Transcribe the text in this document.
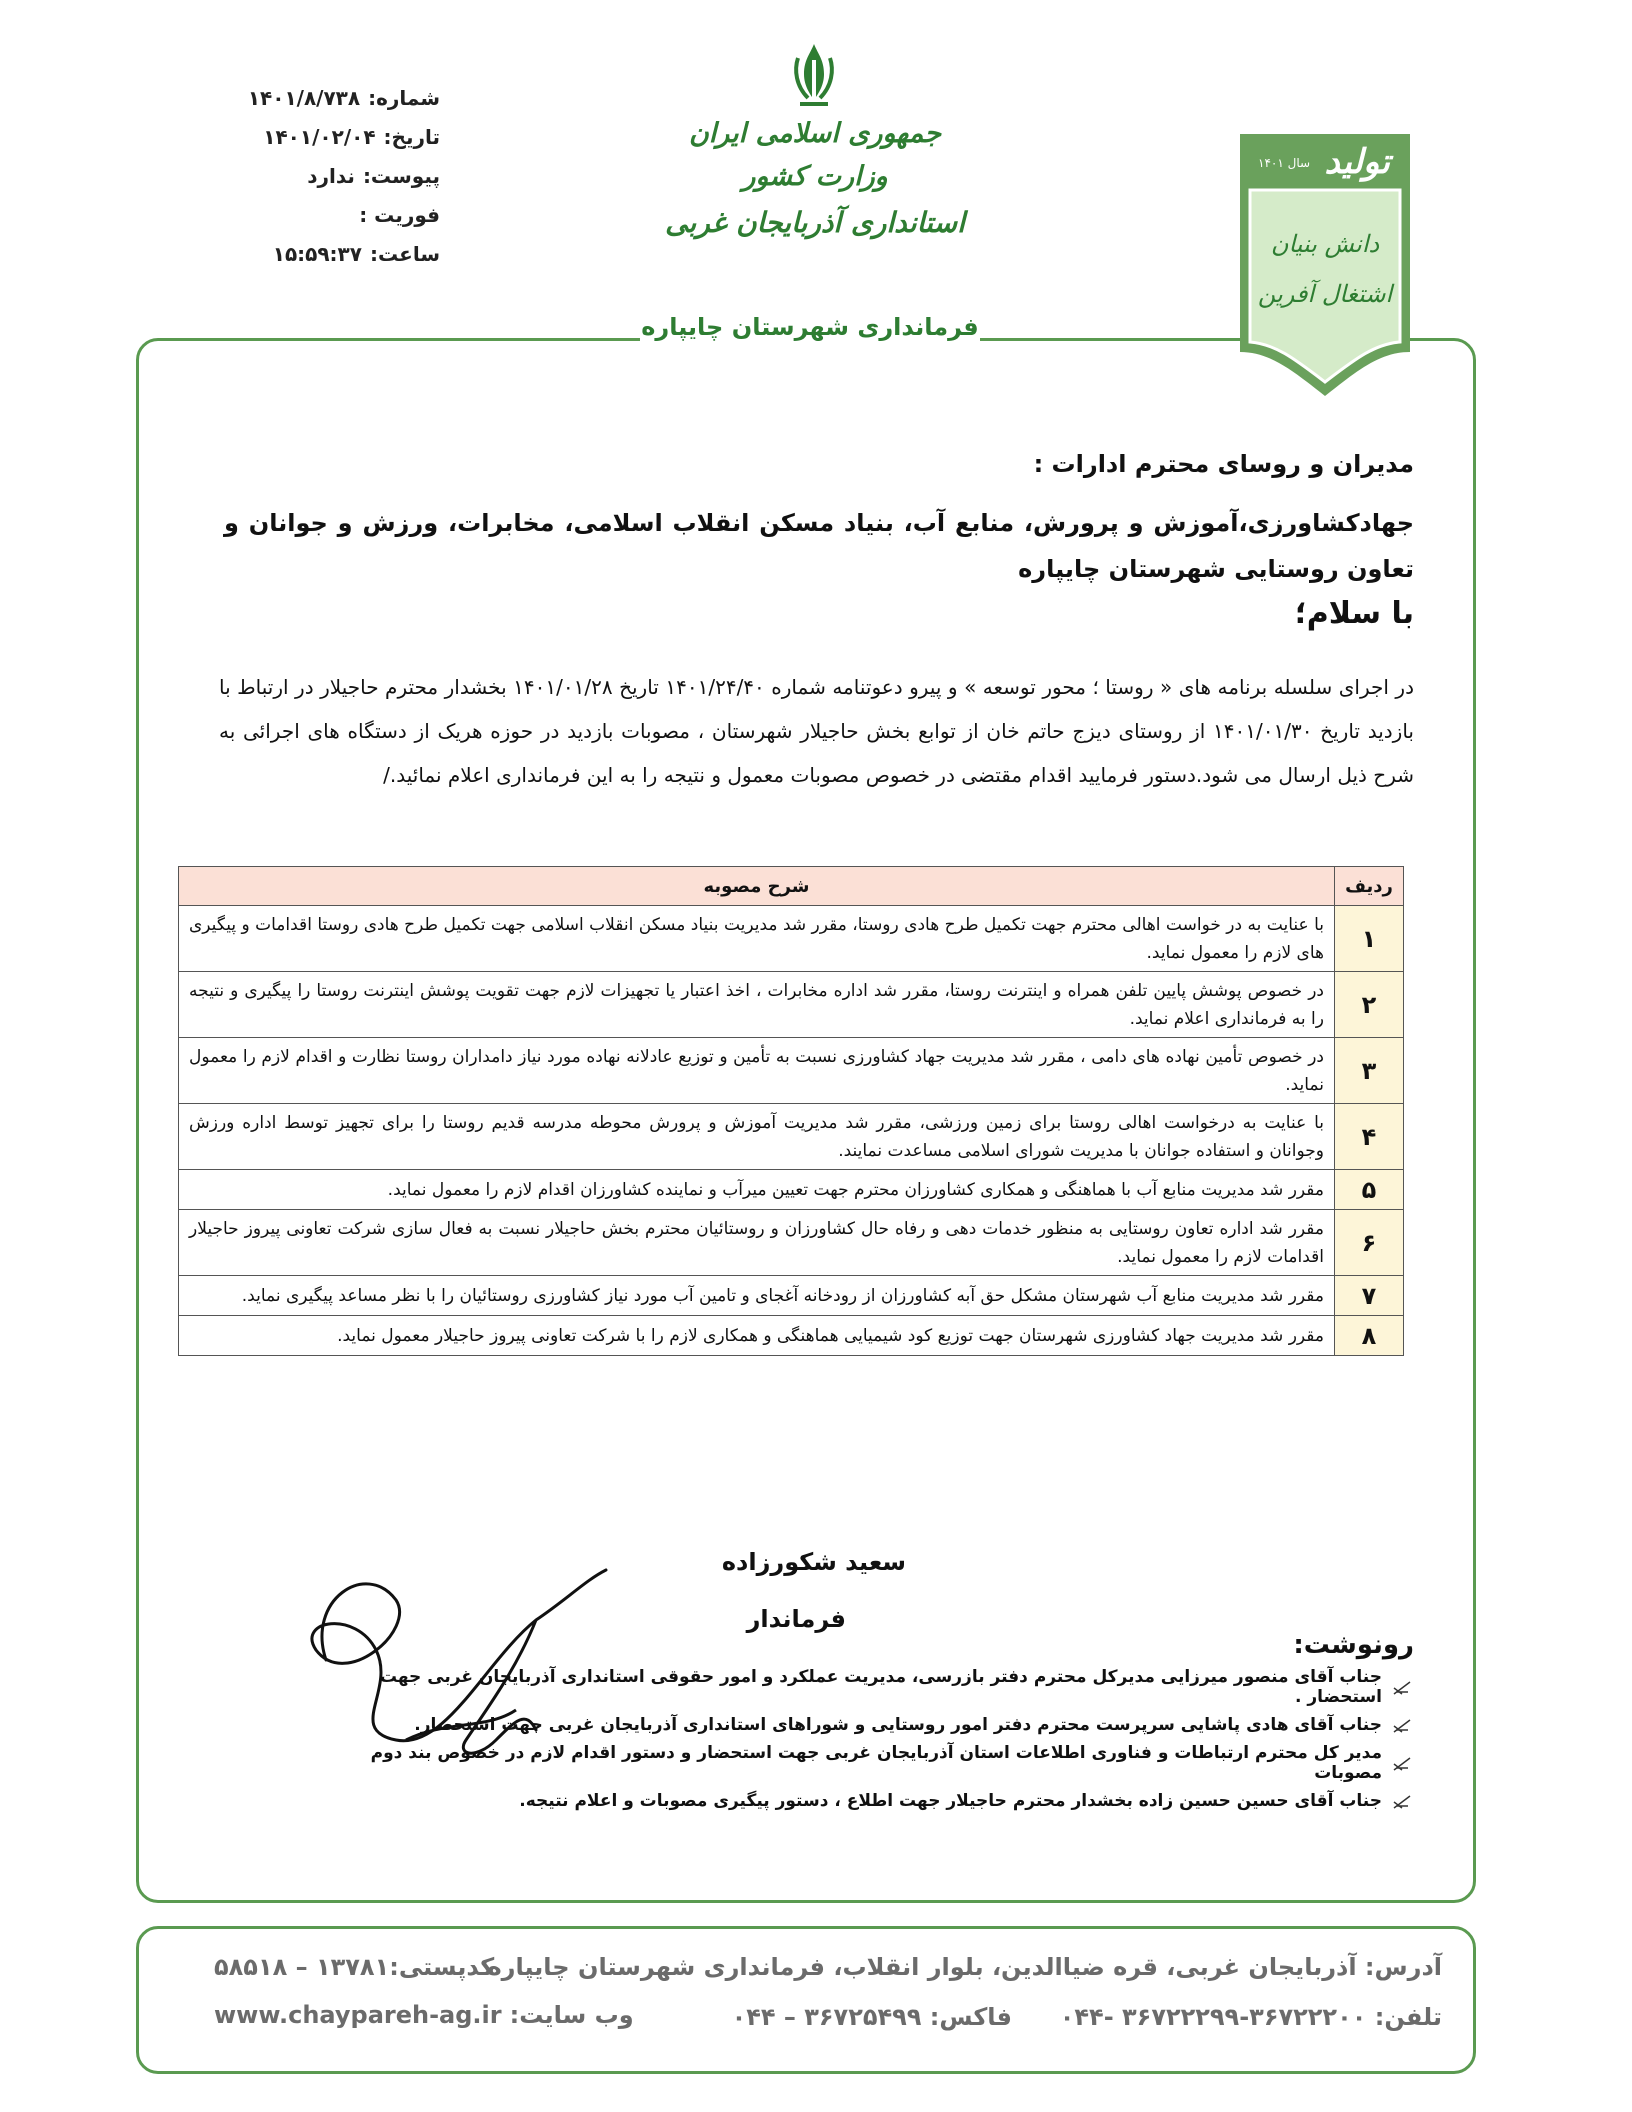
شماره:
۱۴۰۱/۸/۷۳۸
تاریخ:
۱۴۰۱/۰۲/۰۴
پیوست:
ندارد
فوریت :
ساعت:
۱۵:۵۹:۳۷
جمهوری اسلامی ایران
وزارت کشور
استانداری آذربایجان غربی
فرمانداری شهرستان چایپاره
تولید
سال ۱۴۰۱
دانش بنیان
اشتغال آفرین
مدیران و روسای محترم ادارات :
جهادکشاورزی،آموزش و پرورش، منابع آب، بنیاد مسکن انقلاب اسلامی، مخابرات، ورزش و جوانان و تعاون روستایی شهرستان چایپاره
با سلام؛
در اجرای سلسله برنامه های « روستا ؛ محور توسعه » و پیرو دعوتنامه شماره ۱۴۰۱/۲۴/۴۰ تاریخ ۱۴۰۱/۰۱/۲۸ بخشدار محترم حاجیلار در ارتباط با بازدید تاریخ ۱۴۰۱/۰۱/۳۰ از روستای دیزج حاتم خان از توابع بخش حاجیلار شهرستان ، مصوبات بازدید در حوزه هریک از دستگاه های اجرائی به شرح ذیل ارسال می شود.دستور فرمایید اقدام مقتضی در خصوص مصوبات معمول و نتیجه را به این فرمانداری اعلام نمائید./
ردیف	شرح مصوبه
۱	با عنایت به در خواست اهالی محترم جهت تکمیل طرح هادی روستا، مقرر شد مدیریت بنیاد مسکن انقلاب اسلامی جهت تکمیل طرح هادی روستا اقدامات و پیگیری های لازم را معمول نماید.
۲	در خصوص پوشش پایین تلفن همراه و اینترنت روستا، مقرر شد اداره مخابرات ، اخذ اعتبار یا تجهیزات لازم جهت تقویت پوشش اینترنت روستا را پیگیری و نتیجه را به فرمانداری اعلام نماید.
۳	در خصوص تأمین نهاده های دامی ، مقرر شد مدیریت جهاد کشاورزی نسبت به تأمین و توزیع عادلانه نهاده مورد نیاز دامداران روستا نظارت و اقدام لازم را معمول نماید.
۴	با عنایت به درخواست اهالی روستا برای زمین ورزشی، مقرر شد مدیریت آموزش و پرورش محوطه مدرسه قدیم روستا را برای تجهیز توسط اداره ورزش وجوانان و استفاده جوانان با مدیریت شورای اسلامی مساعدت نمایند.
۵	مقرر شد مدیریت منابع آب با هماهنگی و همکاری کشاورزان محترم جهت تعیین میرآب و نماینده کشاورزان اقدام لازم را معمول نماید.
۶	مقرر شد اداره تعاون روستایی به منظور خدمات دهی و رفاه حال کشاورزان و روستائیان محترم بخش حاجیلار نسبت به فعال سازی شرکت تعاونی پیروز حاجیلار اقدامات لازم را معمول نماید.
۷	مقرر شد مدیریت منابع آب شهرستان مشکل حق آبه کشاورزان از رودخانه آغجای و تامین آب مورد نیاز کشاورزی روستائیان را با نظر مساعد پیگیری نماید.
۸	مقرر شد مدیریت جهاد کشاورزی شهرستان جهت توزیع کود شیمیایی هماهنگی و همکاری لازم را با شرکت تعاونی پیروز حاجیلار معمول نماید.
سعید شکورزاده
فرماندار
رونوشت:
جناب آقای منصور میرزایی مدیرکل محترم دفتر بازرسی، مدیریت عملکرد و امور حقوقی استانداری آذربایجان غربی جهت استحضار .
جناب آقای هادی پاشایی سرپرست محترم دفتر امور روستایی و شوراهای استانداری آذربایجان غربی جهت استحضار.
مدیر کل محترم ارتباطات و فناوری اطلاعات استان آذربایجان غربی جهت استحضار و دستور اقدام لازم در خصوص بند دوم مصوبات
جناب آقای حسین حسین زاده بخشدار محترم حاجیلار جهت اطلاع ، دستور پیگیری مصوبات و اعلام نتیجه.
آدرس: آذربایجان غربی، قره ضیاالدین، بلوار انقلاب، فرمانداری شهرستان چایپاره
کدپستی:۱۳۷۸۱ – ۵۸۵۱۸
تلفن: ۳۶۷۲۲۲۰۰-۳۶۷۲۲۲۹۹ -۰۴۴
فاکس: ۳۶۷۲۵۴۹۹ – ۰۴۴
وب سایت:
www.chaypareh-ag.ir
